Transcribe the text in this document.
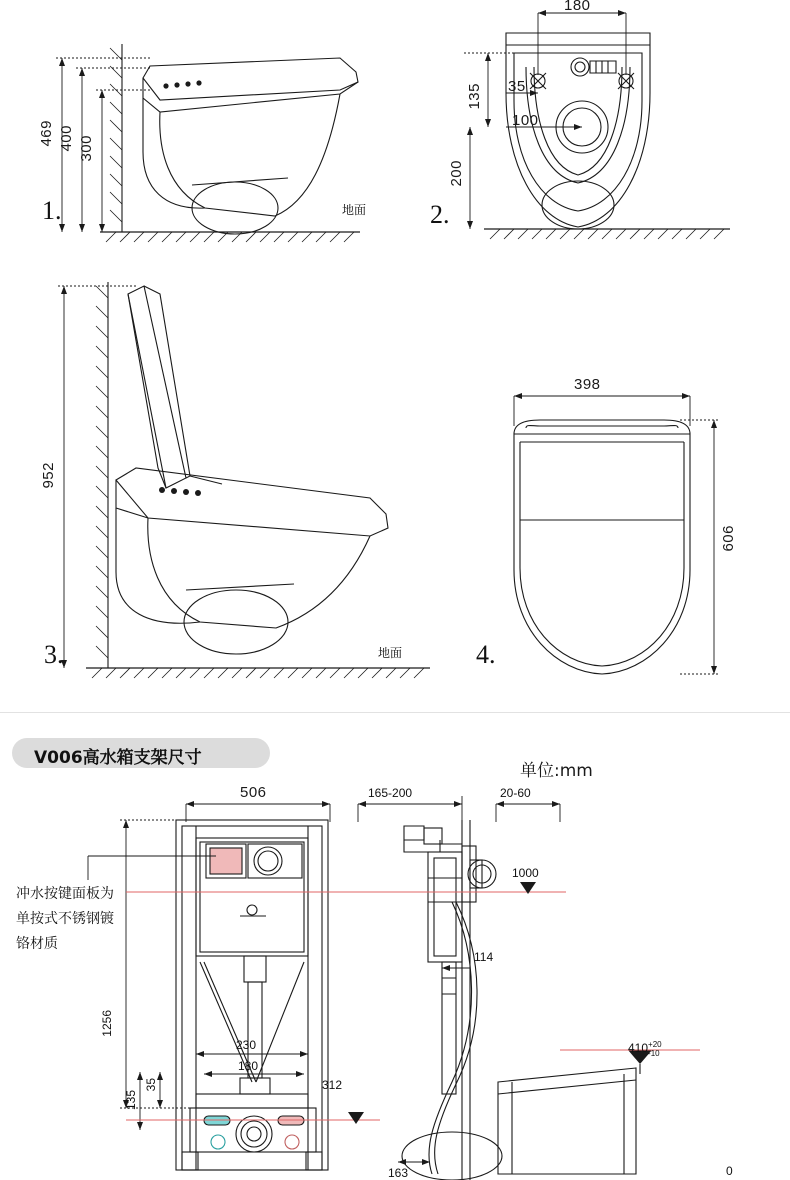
469 400 300
地面
1.
180
35
135
100
200
2.
952
地面
3.
398
606
4.
V006高水箱支架尺寸
单位:mm
506	165-200	20-60
1000
114
1256
230
180
312
35
135
163
410 +20
-10
0
冲水按键面板为
单按式不锈钢镀
铬材质
